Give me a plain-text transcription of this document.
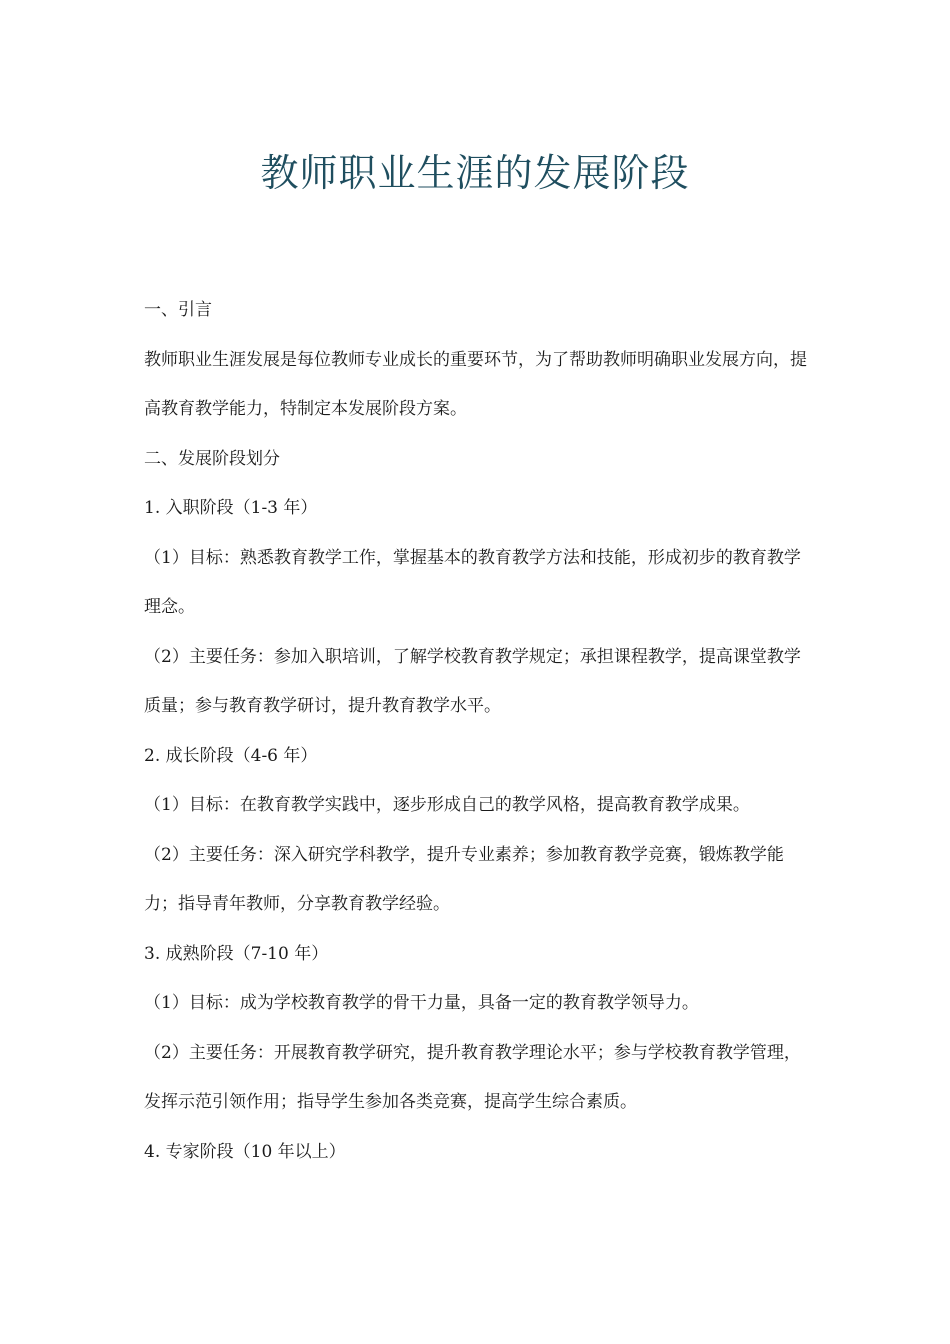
教师职业生涯的发展阶段

一、引言

教师职业生涯发展是每位教师专业成长的重要环节，为了帮助教师明确职业发展方向，提高教育教学能力，特制定本发展阶段方案。

二、发展阶段划分

1. 入职阶段（1-3 年）

（1）目标：熟悉教育教学工作，掌握基本的教育教学方法和技能，形成初步的教育教学理念。

（2）主要任务：参加入职培训，了解学校教育教学规定；承担课程教学，提高课堂教学质量；参与教育教学研讨，提升教育教学水平。

2. 成长阶段（4-6 年）

（1）目标：在教育教学实践中，逐步形成自己的教学风格，提高教育教学成果。

（2）主要任务：深入研究学科教学，提升专业素养；参加教育教学竞赛，锻炼教学能力；指导青年教师，分享教育教学经验。

3. 成熟阶段（7-10 年）

（1）目标：成为学校教育教学的骨干力量，具备一定的教育教学领导力。

（2）主要任务：开展教育教学研究，提升教育教学理论水平；参与学校教育教学管理，发挥示范引领作用；指导学生参加各类竞赛，提高学生综合素质。

4. 专家阶段（10 年以上）
